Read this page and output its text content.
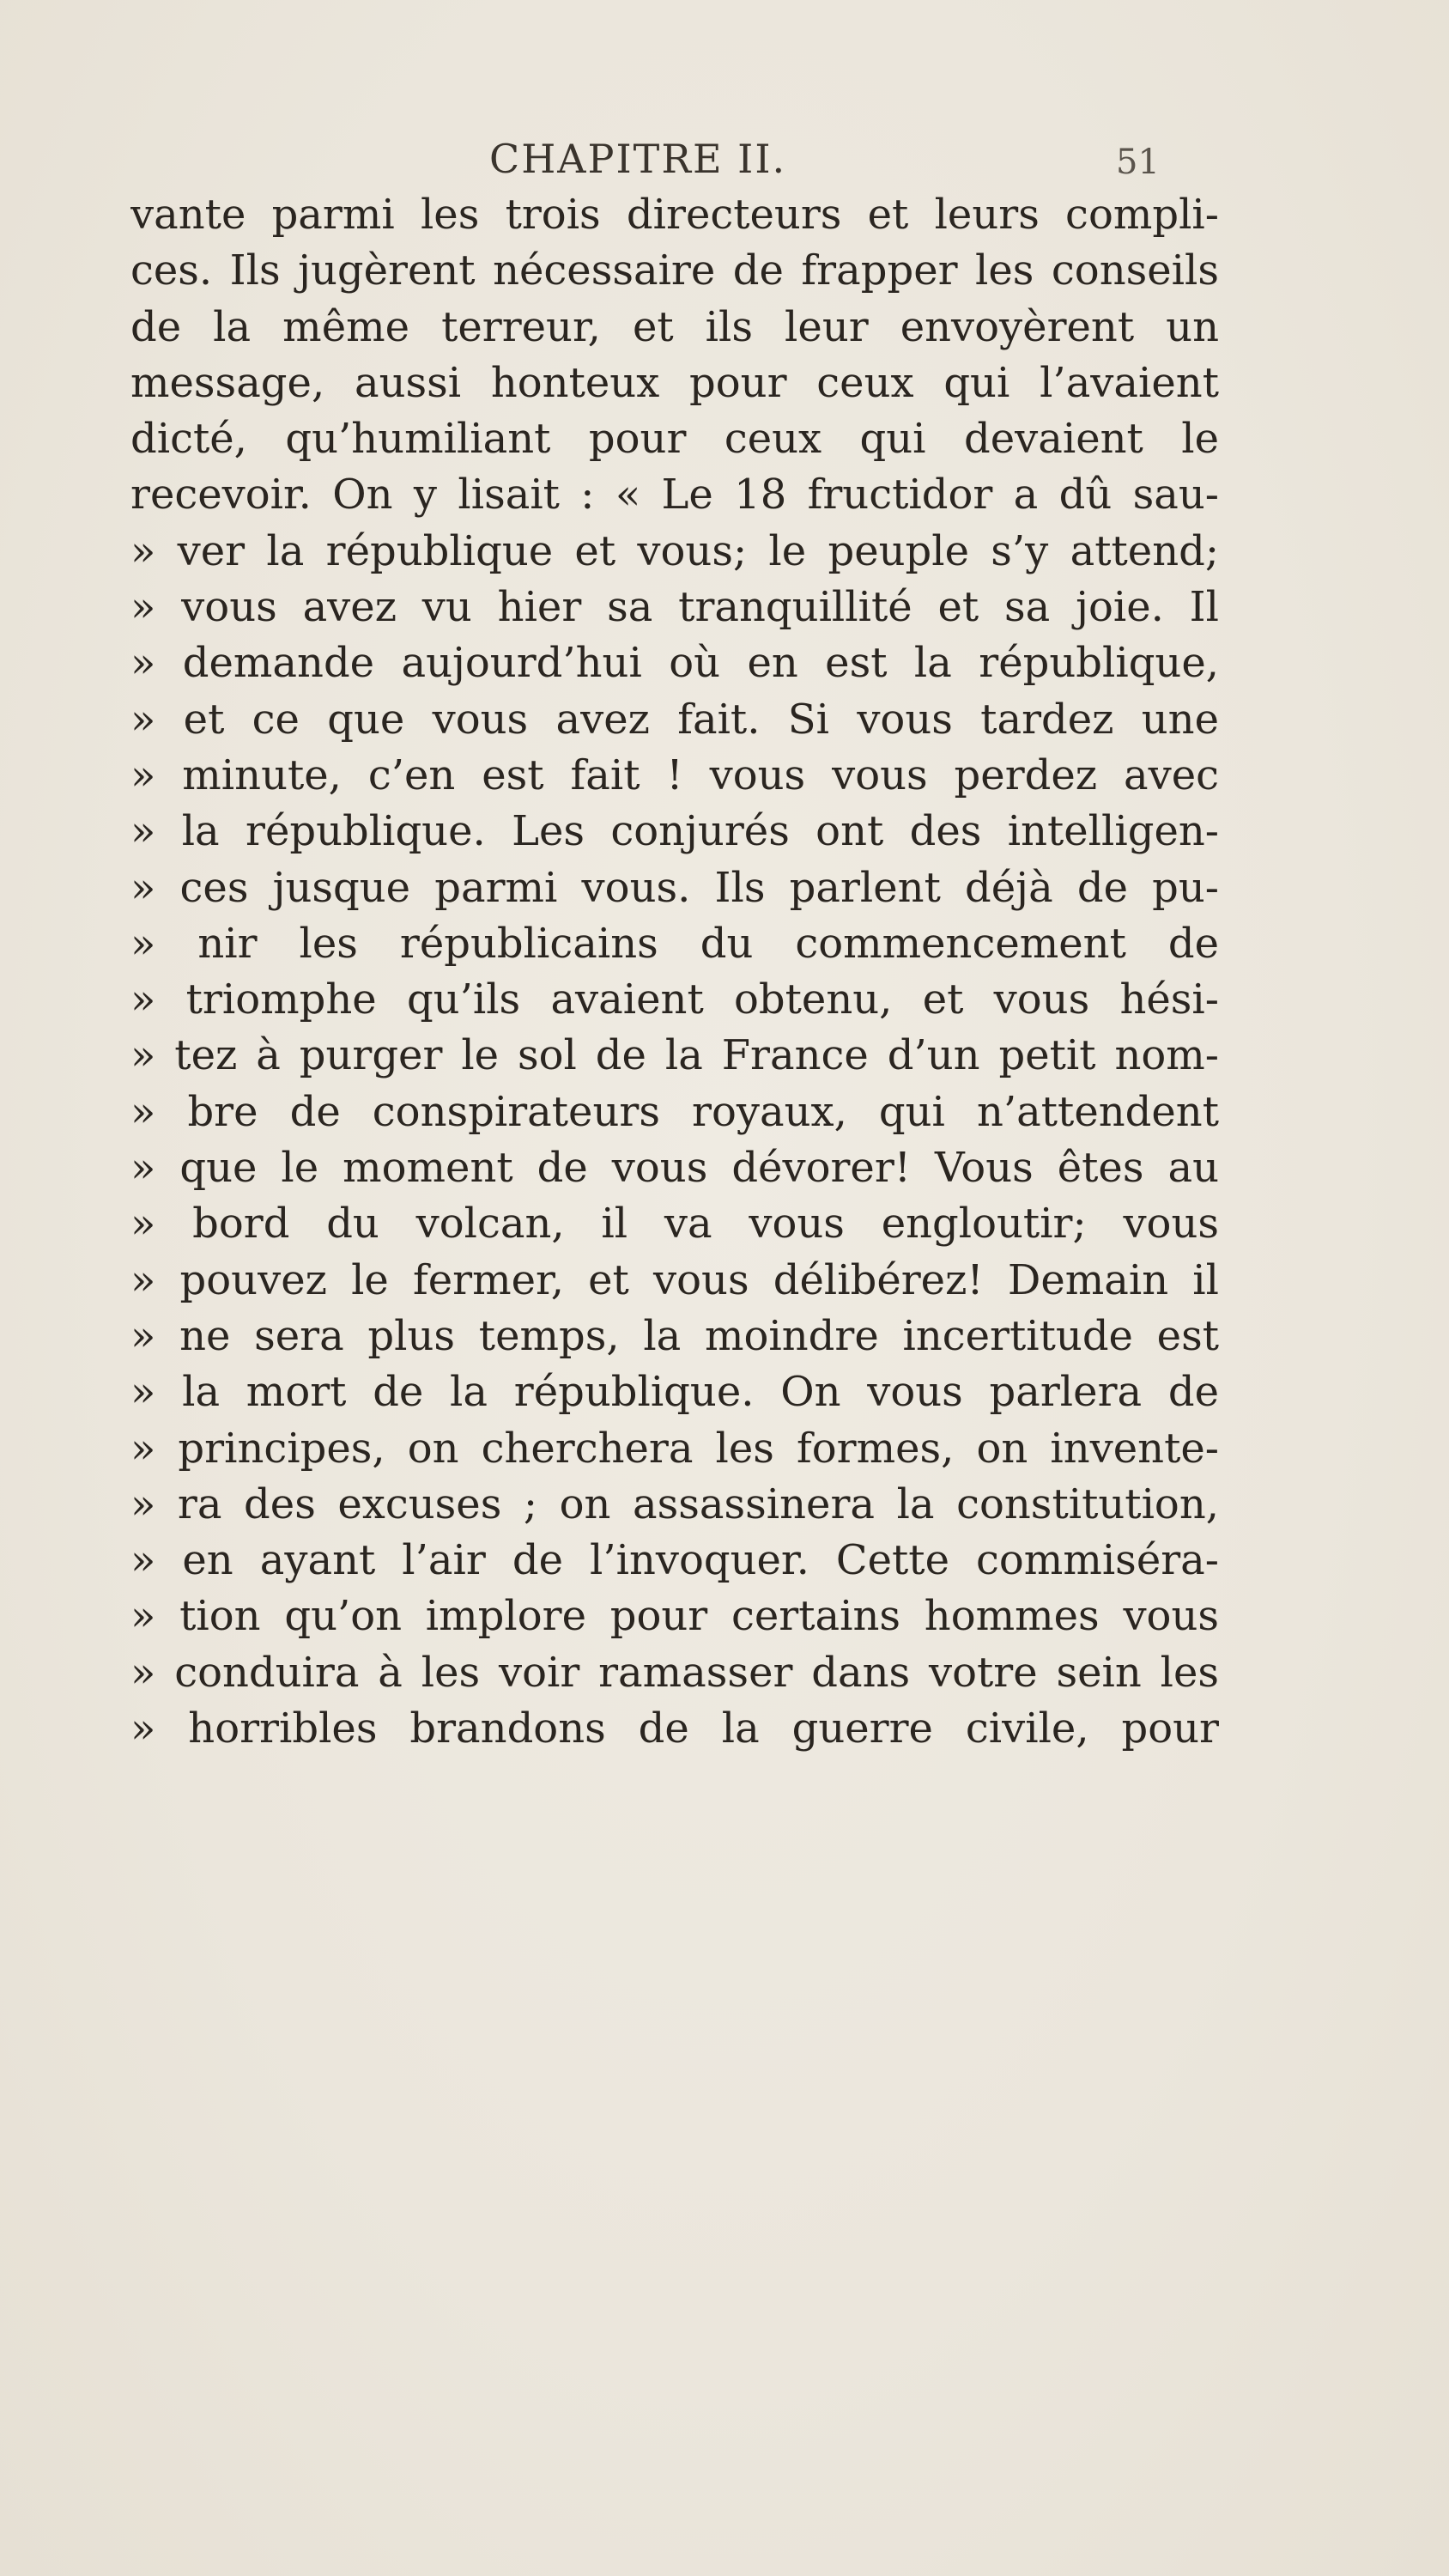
CHAPITRE II.	51
vante parmi les trois directeurs et leurs compli-
ces. Ils jugèrent nécessaire de frapper les conseils
de la même terreur, et ils leur envoyèrent un
message, aussi honteux pour ceux qui l’avaient
dicté, qu’humiliant pour ceux qui devaient le
recevoir. On y lisait : « Le 18 fructidor a dû sau-
» ver la république et vous; le peuple s’y attend;
» vous avez vu hier sa tranquillité et sa joie. Il
» demande aujourd’hui où en est la république,
» et ce que vous avez fait. Si vous tardez une
» minute, c’en est fait ! vous vous perdez avec
» la république. Les conjurés ont des intelligen-
» ces jusque parmi vous. Ils parlent déjà de pu-
» nir les républicains du commencement de
» triomphe qu’ils avaient obtenu, et vous hési-
» tez à purger le sol de la France d’un petit nom-
» bre de conspirateurs royaux, qui n’attendent
» que le moment de vous dévorer! Vous êtes au
» bord du volcan, il va vous engloutir; vous
» pouvez le fermer, et vous délibérez! Demain il
» ne sera plus temps, la moindre incertitude est
» la mort de la république. On vous parlera de
» principes, on cherchera les formes, on invente-
» ra des excuses ; on assassinera la constitution,
» en ayant l’air de l’invoquer. Cette commiséra-
» tion qu’on implore pour certains hommes vous
» conduira à les voir ramasser dans votre sein les
» horribles brandons de la guerre civile, pour
